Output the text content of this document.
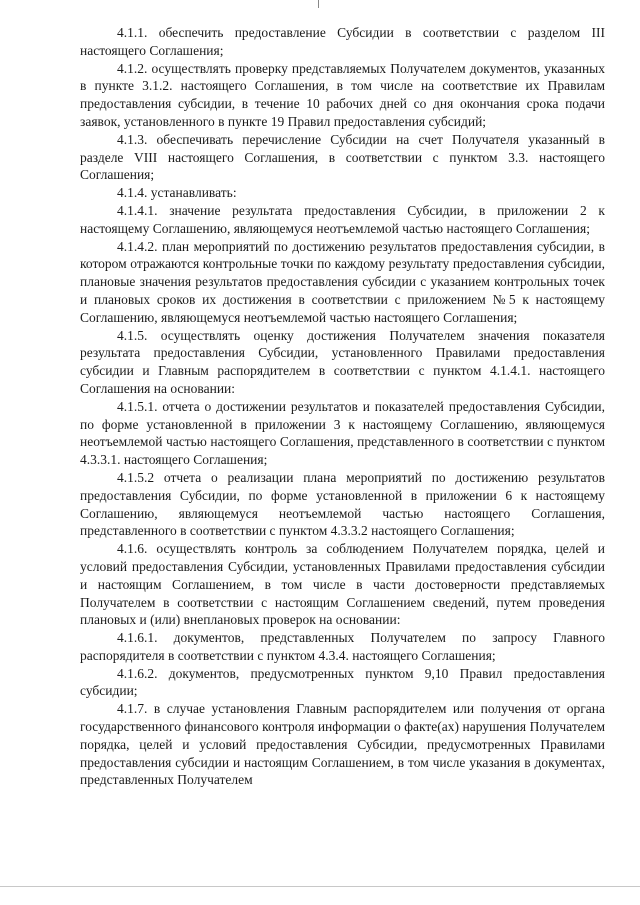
4.1.1. обеспечить предоставление Субсидии в соответствии с разделом III настоящего Соглашения;

4.1.2. осуществлять проверку представляемых Получателем документов, указанных в пункте 3.1.2. настоящего Соглашения, в том числе на соответствие их Правилам предоставления субсидии, в течение 10 рабочих дней со дня окончания срока подачи заявок, установленного в пункте 19 Правил предоставления субсидий;

4.1.3. обеспечивать перечисление Субсидии на счет Получателя указанный в разделе VIII настоящего Соглашения, в соответствии с пунктом 3.3. настоящего Соглашения;

4.1.4. устанавливать:

4.1.4.1. значение результата предоставления Субсидии, в приложении 2 к настоящему Соглашению, являющемуся неотъемлемой частью настоящего Соглашения;

4.1.4.2. план мероприятий по достижению результатов предоставления субсидии, в котором отражаются контрольные точки по каждому результату предоставления субсидии, плановые значения результатов предоставления субсидии с указанием контрольных точек и плановых сроков их достижения в соответствии с приложением №5 к настоящему Соглашению, являющемуся неотъемлемой частью настоящего Соглашения;

4.1.5. осуществлять оценку достижения Получателем значения показателя результата предоставления Субсидии, установленного Правилами предоставления субсидии и Главным распорядителем в соответствии с пунктом 4.1.4.1. настоящего Соглашения на основании:

4.1.5.1. отчета о достижении результатов и показателей предоставления Субсидии, по форме установленной в приложении 3 к настоящему Соглашению, являющемуся неотъемлемой частью настоящего Соглашения, представленного в соответствии с пунктом 4.3.3.1. настоящего Соглашения;

4.1.5.2 отчета о реализации плана мероприятий по достижению результатов предоставления Субсидии, по форме установленной в приложении 6 к настоящему Соглашению, являющемуся неотъемлемой частью настоящего Соглашения, представленного в соответствии с пунктом 4.3.3.2 настоящего Соглашения;

4.1.6. осуществлять контроль за соблюдением Получателем порядка, целей и условий предоставления Субсидии, установленных Правилами предоставления субсидии и настоящим Соглашением, в том числе в части достоверности представляемых Получателем в соответствии с настоящим Соглашением сведений, путем проведения плановых и (или) внеплановых проверок на основании:

4.1.6.1. документов, представленных Получателем по запросу Главного распорядителя в соответствии с пунктом 4.3.4. настоящего Соглашения;

4.1.6.2. документов, предусмотренных пунктом 9,10 Правил предоставления субсидии;

4.1.7. в случае установления Главным распорядителем или получения от органа государственного финансового контроля информации о факте(ах) нарушения Получателем порядка, целей и условий предоставления Субсидии, предусмотренных Правилами предоставления субсидии и настоящим Соглашением, в том числе указания в документах, представленных Получателем
